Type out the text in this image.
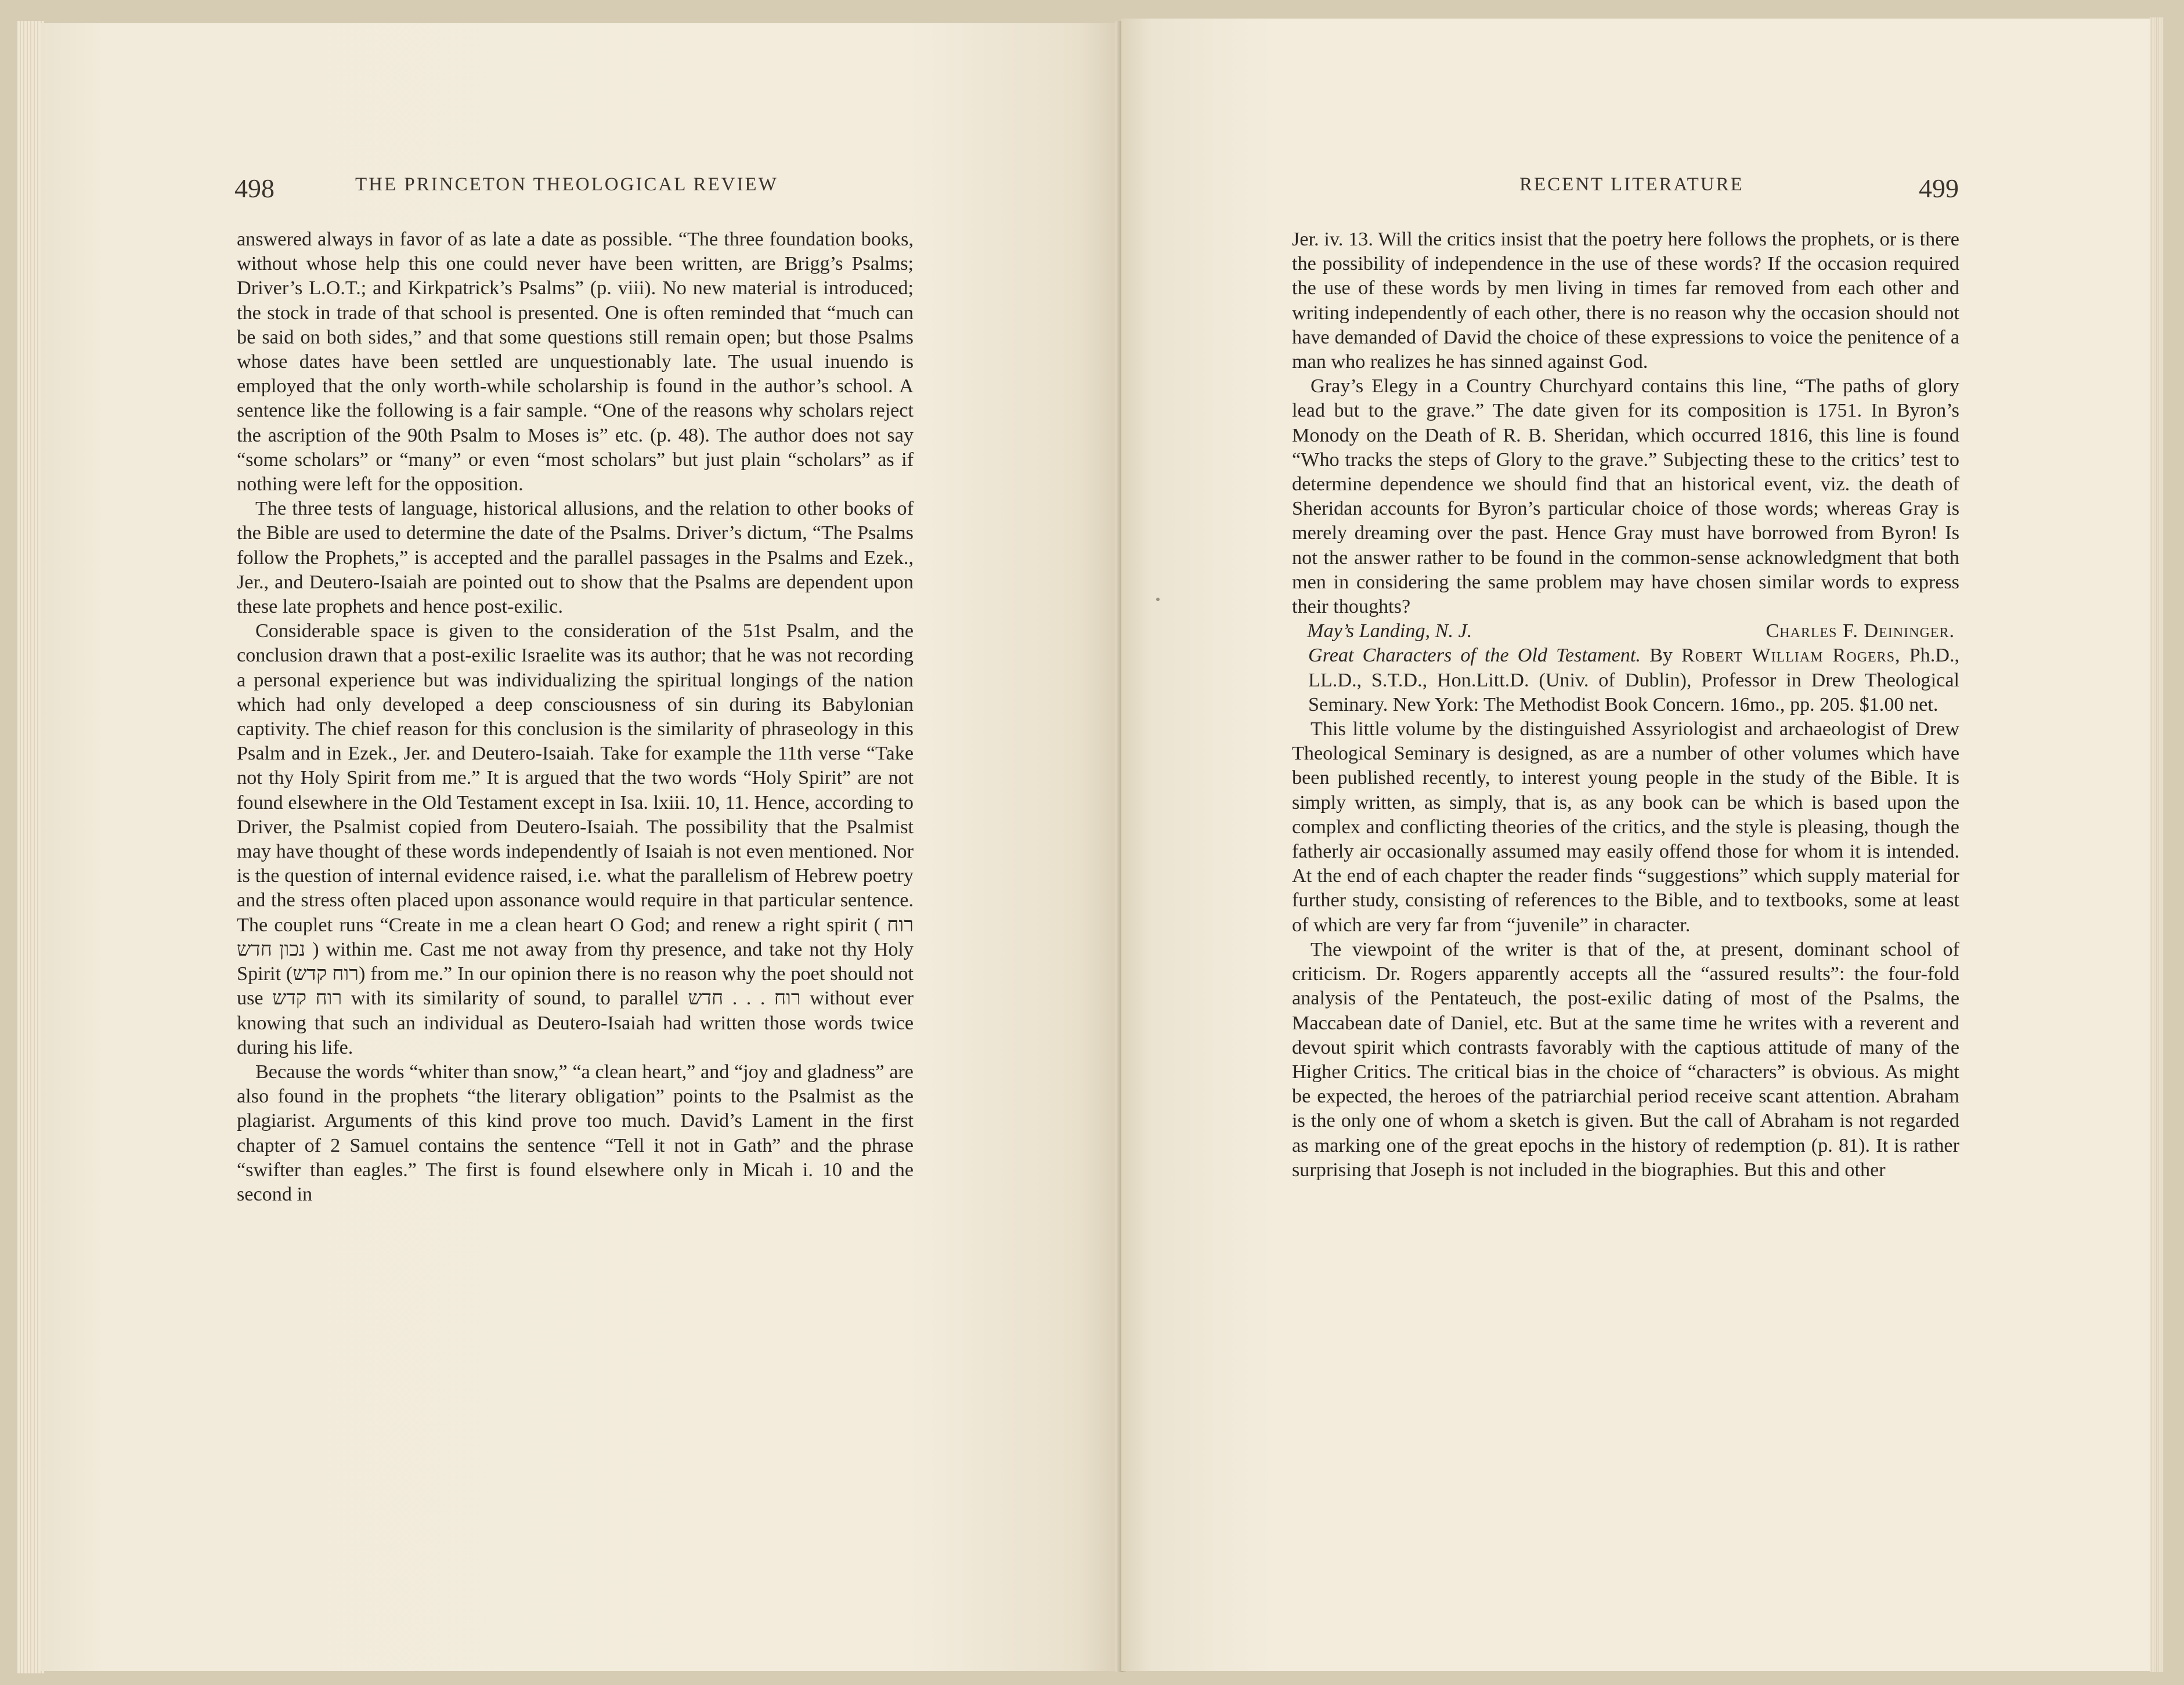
498	THE PRINCETON THEOLOGICAL REVIEW	RECENT LITERATURE	499

answered always in favor of as late a date as possible. “The three foundation books, without whose help this one could never have been written, are Brigg’s Psalms; Driver’s L.O.T.; and Kirkpatrick’s Psalms” (p. viii). No new material is introduced; the stock in trade of that school is presented. One is often reminded that “much can be said on both sides,” and that some questions still remain open; but those Psalms whose dates have been settled are unquestionably late. The usual inuendo is employed that the only worth-while scholarship is found in the author’s school. A sentence like the following is a fair sample. “One of the reasons why scholars reject the ascription of the 90th Psalm to Moses is” etc. (p. 48). The author does not say “some scholars” or “many” or even “most scholars” but just plain “scholars” as if nothing were left for the opposition.

The three tests of language, historical allusions, and the relation to other books of the Bible are used to determine the date of the Psalms. Driver’s dictum, “The Psalms follow the Prophets,” is accepted and the parallel passages in the Psalms and Ezek., Jer., and Deutero-Isaiah are pointed out to show that the Psalms are dependent upon these late prophets and hence post-exilic.

Considerable space is given to the consideration of the 51st Psalm, and the conclusion drawn that a post-exilic Israelite was its author; that he was not recording a personal experience but was individualizing the spiritual longings of the nation which had only developed a deep consciousness of sin during its Babylonian captivity. The chief reason for this conclusion is the similarity of phraseology in this Psalm and in Ezek., Jer. and Deutero-Isaiah. Take for example the 11th verse “Take not thy Holy Spirit from me.” It is argued that the two words “Holy Spirit” are not found elsewhere in the Old Testament except in Isa. lxiii. 10, 11. Hence, according to Driver, the Psalmist copied from Deutero-Isaiah. The possibility that the Psalmist may have thought of these words independently of Isaiah is not even mentioned. Nor is the question of internal evidence raised, i.e. what the parallelism of Hebrew poetry and the stress often placed upon assonance would require in that particular sentence. The couplet runs “Create in me a clean heart O God; and renew a right spirit ( רוח נכון חדש ) within me. Cast me not away from thy presence, and take not thy Holy Spirit (רוח קדש) from me.” In our opinion there is no reason why the poet should not use רוח קדש with its similarity of sound, to parallel רוח . . . חדש without ever knowing that such an individual as Deutero-Isaiah had written those words twice during his life.

Because the words “whiter than snow,” “a clean heart,” and “joy and gladness” are also found in the prophets “the literary obligation” points to the Psalmist as the plagiarist. Arguments of this kind prove too much. David’s Lament in the first chapter of 2 Samuel contains the sentence “Tell it not in Gath” and the phrase “swifter than eagles.” The first is found elsewhere only in Micah i. 10 and the second in

Jer. iv. 13. Will the critics insist that the poetry here follows the prophets, or is there the possibility of independence in the use of these words? If the occasion required the use of these words by men living in times far removed from each other and writing independently of each other, there is no reason why the occasion should not have demanded of David the choice of these expressions to voice the penitence of a man who realizes he has sinned against God.

Gray’s Elegy in a Country Churchyard contains this line, “The paths of glory lead but to the grave.” The date given for its composition is 1751. In Byron’s Monody on the Death of R. B. Sheridan, which occurred 1816, this line is found “Who tracks the steps of Glory to the grave.” Subjecting these to the critics’ test to determine dependence we should find that an historical event, viz. the death of Sheridan accounts for Byron’s particular choice of those words; whereas Gray is merely dreaming over the past. Hence Gray must have borrowed from Byron! Is not the answer rather to be found in the common-sense acknowledgment that both men in considering the same problem may have chosen similar words to express their thoughts?

May’s Landing, N. J.	Charles F. Deininger.

Great Characters of the Old Testament. By Robert William Rogers, Ph.D., LL.D., S.T.D., Hon.Litt.D. (Univ. of Dublin), Professor in Drew Theological Seminary. New York: The Methodist Book Concern. 16mo., pp. 205. $1.00 net.

This little volume by the distinguished Assyriologist and archaeologist of Drew Theological Seminary is designed, as are a number of other volumes which have been published recently, to interest young people in the study of the Bible. It is simply written, as simply, that is, as any book can be which is based upon the complex and conflicting theories of the critics, and the style is pleasing, though the fatherly air occasionally assumed may easily offend those for whom it is intended. At the end of each chapter the reader finds “suggestions” which supply material for further study, consisting of references to the Bible, and to textbooks, some at least of which are very far from “juvenile” in character.

The viewpoint of the writer is that of the, at present, dominant school of criticism. Dr. Rogers apparently accepts all the “assured results”: the four-fold analysis of the Pentateuch, the post-exilic dating of most of the Psalms, the Maccabean date of Daniel, etc. But at the same time he writes with a reverent and devout spirit which contrasts favorably with the captious attitude of many of the Higher Critics. The critical bias in the choice of “characters” is obvious. As might be expected, the heroes of the patriarchial period receive scant attention. Abraham is the only one of whom a sketch is given. But the call of Abraham is not regarded as marking one of the great epochs in the history of redemption (p. 81). It is rather surprising that Joseph is not included in the biographies. But this and other
